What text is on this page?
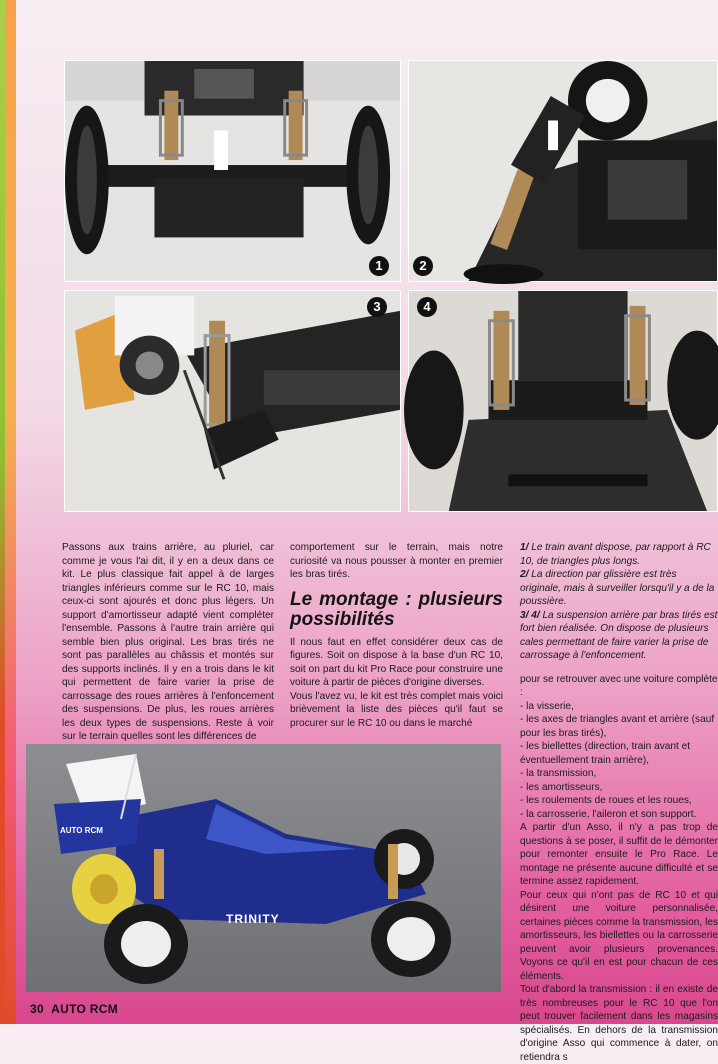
1	2
3	4

Passons aux trains arrière, au pluriel, car comme je vous l'ai dit, il y en a deux dans ce kit. Le plus classique fait appel à de larges triangles inférieurs comme sur le RC 10, mais ceux-ci sont ajourés et donc plus légers. Un support d'amortisseur adapté vient compléter l'ensemble. Passons à l'autre train arrière qui semble bien plus original. Les bras tirés ne sont pas parallèles au châssis et montés sur des supports inclinés. Il y en a trois dans le kit qui permettent de faire varier la prise de carrossage des roues arrières à l'enfoncement des suspensions. De plus, les roues arrières les deux types de suspensions. Reste à voir sur le terrain quelles sont les différences de

comportement sur le terrain, mais notre curiosité va nous pousser à monter en premier les bras tirés.

Le montage : plusieurs possibilités

Il nous faut en effet considérer deux cas de figures. Soit on dispose à la base d'un RC 10, soit on part du kit Pro Race pour construire une voiture à partir de pièces d'origine diverses.

Vous l'avez vu, le kit est très complet mais voici brièvement la liste des pièces qu'il faut se procurer sur le RC 10 ou dans le marché

1/ Le train avant dispose, par rapport à RC 10, de triangles plus longs.
2/ La direction par glissière est très originale, mais à surveiller lorsqu'il y a de la poussière.
3/ 4/ La suspension arrière par bras tirés est fort bien réalisée. On dispose de plusieurs cales permettant de faire varier la prise de carrossage à l'enfoncement.

pour se retrouver avec une voiture complète :

- la visserie,
- les axes de triangles avant et arrière (sauf pour les bras tirés),
- les biellettes (direction, train avant et éventuellement train arrière),
- la transmission,
- les amortisseurs,
- les roulements de roues et les roues,
- la carrosserie, l'aileron et son support.

A partir d'un Asso, il n'y a pas trop de questions à se poser, il suffit de le démonter pour remonter ensuite le Pro Race. Le montage ne présente aucune difficulté et se termine assez rapidement.

Pour ceux qui n'ont pas de RC 10 et qui désirent une voiture personnalisée, certaines pièces comme la transmission, les amortisseurs, les biellettes ou la carrosserie peuvent avoir plusieurs provenances. Voyons ce qu'il en est pour chacun de ces éléments.

Tout d'abord la transmission : il en existe de très nombreuses pour le RC 10 que l'on peut trouver facilement dans les magasins spécialisés. En dehors de la transmission d'origine Asso qui commence à dater, on retiendra s

TRINITY
AUTO RCM
30 AUTO RCM
